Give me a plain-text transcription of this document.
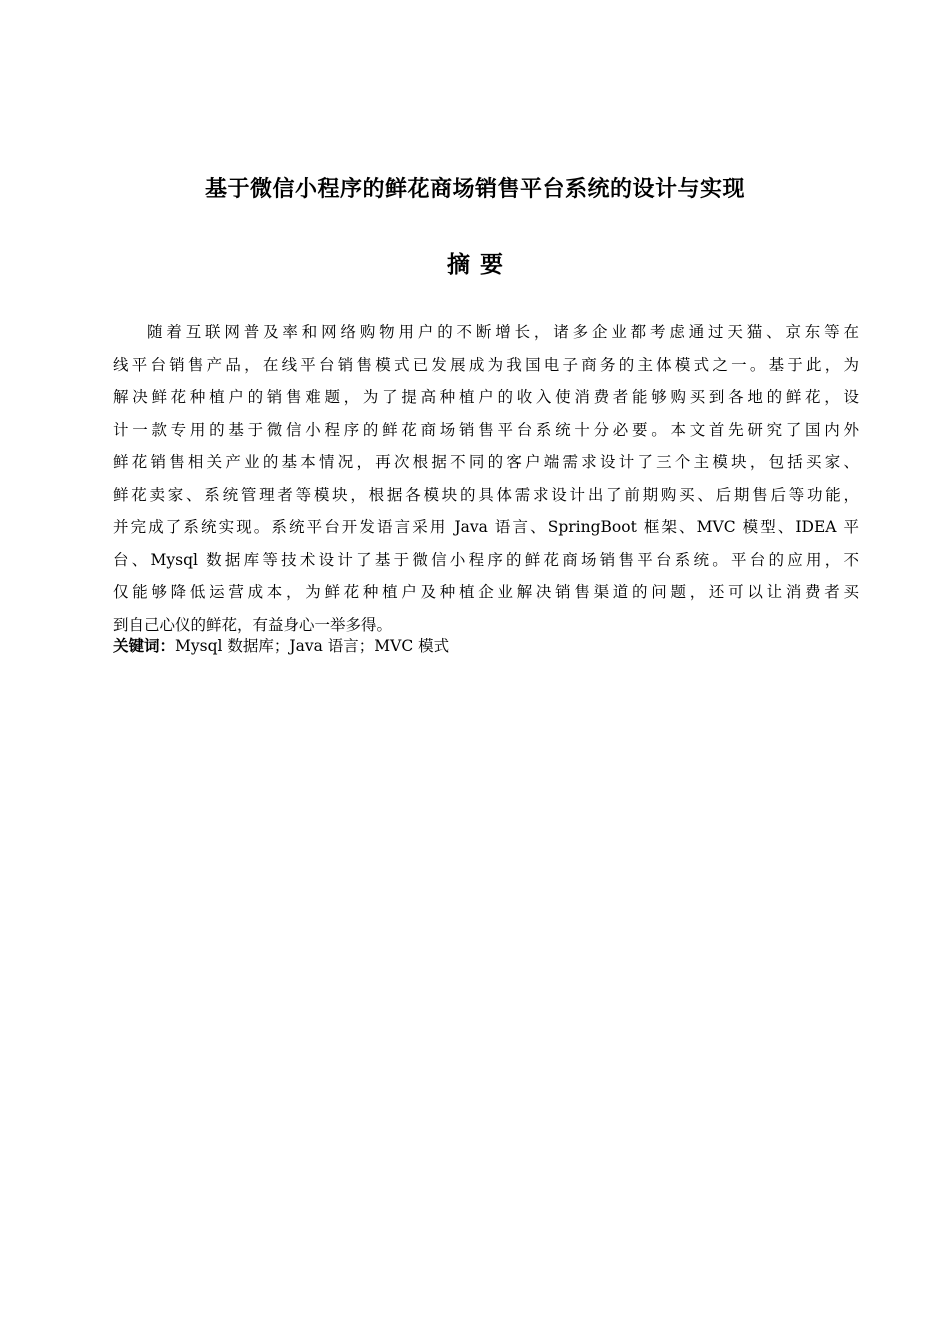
基于微信小程序的鲜花商场销售平台系统的设计与实现
摘要
随着互联网普及率和网络购物用户的不断增长，诸多企业都考虑通过天猫、京东等在
线平台销售产品，在线平台销售模式已发展成为我国电子商务的主体模式之一。基于此，为
解决鲜花种植户的销售难题，为了提高种植户的收入使消费者能够购买到各地的鲜花，设
计一款专用的基于微信小程序的鲜花商场销售平台系统十分必要。本文首先研究了国内外
鲜花销售相关产业的基本情况，再次根据不同的客户端需求设计了三个主模块，包括买家、
鲜花卖家、系统管理者等模块，根据各模块的具体需求设计出了前期购买、后期售后等功能，
并完成了系统实现。系统平台开发语言采用 Java 语言、SpringBoot 框架、MVC 模型、IDEA 平
台、Mysql 数据库等技术设计了基于微信小程序的鲜花商场销售平台系统。平台的应用，不
仅能够降低运营成本，为鲜花种植户及种植企业解决销售渠道的问题，还可以让消费者买
到自己心仪的鲜花，有益身心一举多得。

关键词：Mysql 数据库；Java 语言；MVC 模式
